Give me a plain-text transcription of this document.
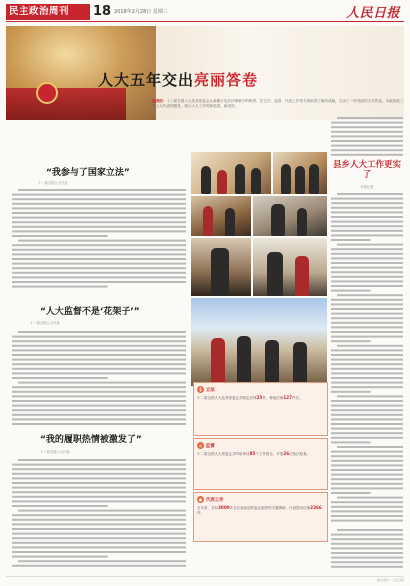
民主政治周刊	18 2018年2月28日 星期三	人民日报
人大五年交出亮丽答卷
编者按：十二届全国人大及其常委会认真履行宪法法律赋予的职责，在立法、监督、代表工作等方面取得了新的成就，交出了一份亮丽的五年答卷。本版选取三位人大代表的感受，展示人大工作的新进展、新成效。
“我参与了国家立法”
十二届全国人大代表
“人大监督不是‘花架子’”
十二届全国人大代表
“我的履职热情被激发了”
十二届全国人大代表
县乡人大工作更实了
本报记者
§	立法

十二届全国人大及其常委会共制定法律25件，修改法律127件次。

◎ 监督

十二届全国人大常委会共听取审议85个工作报告，开展26次执法检查。

● 代表工作

五年来，共有3000多名代表参加常委会组织的专题调研，代表提出议案2366件。

版式设计：人民日报
